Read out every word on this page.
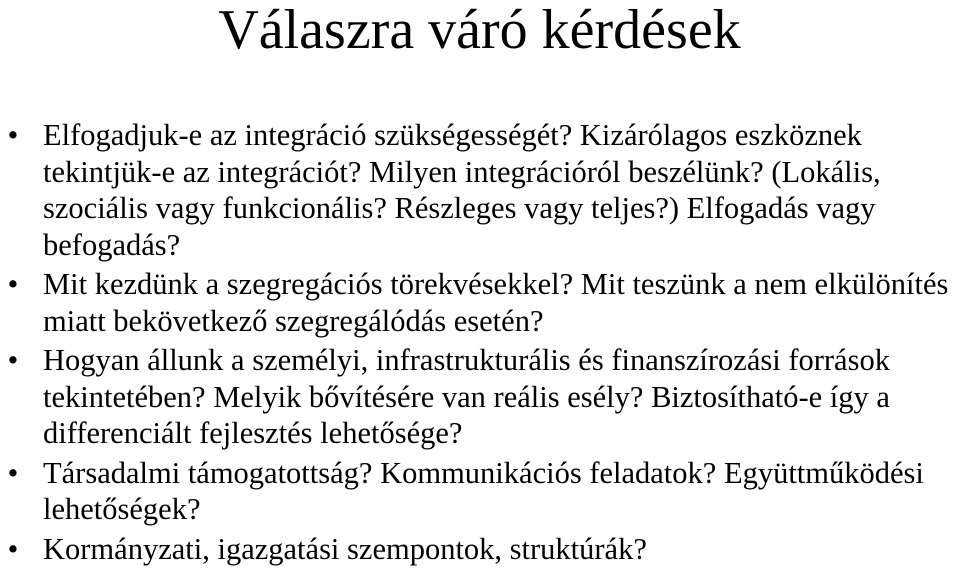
Válaszra váró kérdések
• Elfogadjuk-e az integráció szükségességét? Kizárólagos eszköznek tekintjük-e az integrációt? Milyen integrációról beszélünk? (Lokális, szociális vagy funkcionális? Részleges vagy teljes?) Elfogadás vagy befogadás?
• Mit kezdünk a szegregációs törekvésekkel? Mit teszünk a nem elkülönítés miatt bekövetkező szegregálódás esetén?
• Hogyan állunk a személyi, infrastrukturális és finanszírozási források tekintetében? Melyik bővítésére van reális esély? Biztosítható-e így a differenciált fejlesztés lehetősége?
• Társadalmi támogatottság? Kommunikációs feladatok? Együttműködési lehetőségek?
• Kormányzati, igazgatási szempontok, struktúrák?
